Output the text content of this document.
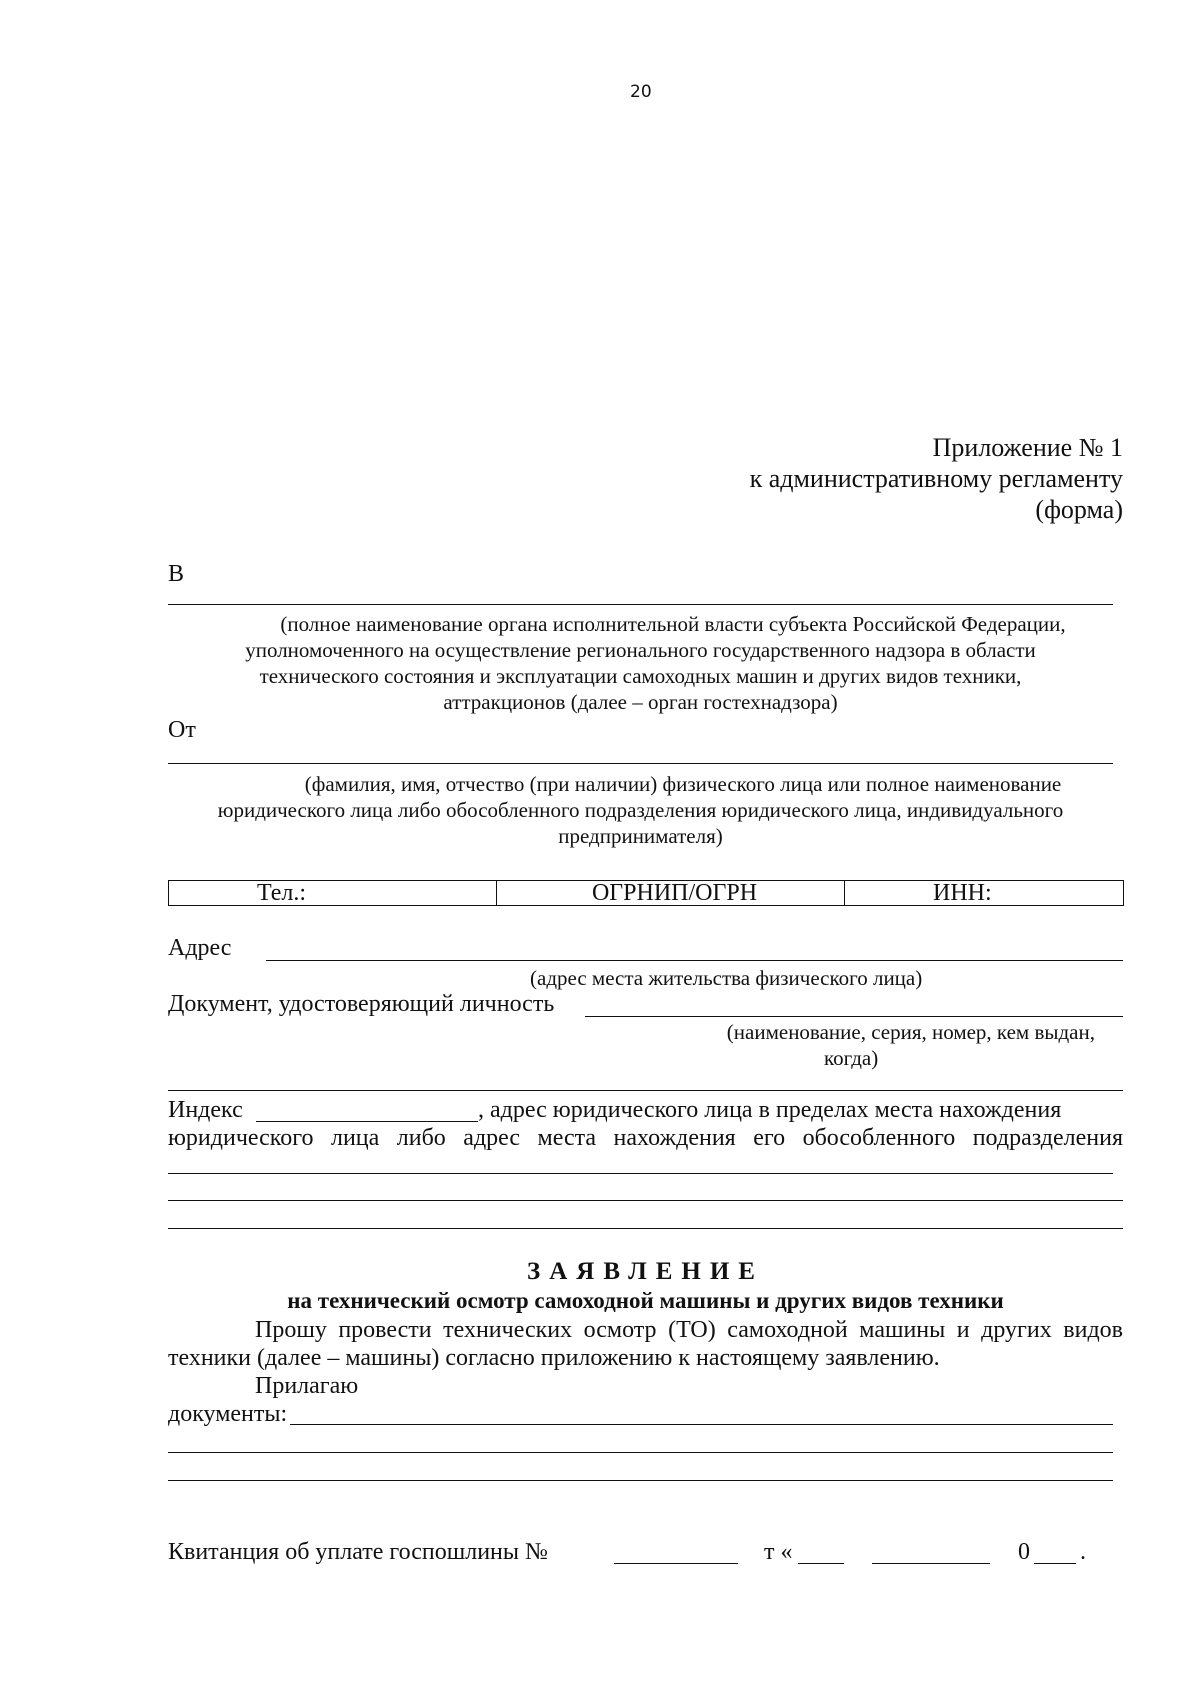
20
Приложение № 1
к административному регламенту
(форма)
В
(полное наименование органа исполнительной власти субъекта Российской Федерации,
уполномоченного на осуществление регионального государственного надзора в области
технического состояния и эксплуатации самоходных машин и других видов техники,
аттракционов (далее – орган гостехнадзора)
От
(фамилия, имя, отчество (при наличии) физического лица или полное наименование
юридического лица либо обособленного подразделения юридического лица, индивидуального
предпринимателя)
Тел.:	ОГРНИП/ОГРН	ИНН:
Адрес
(адрес места жительства физического лица)
Документ, удостоверяющий личность
(наименование, серия, номер, кем выдан,
когда)
Индекс	, адрес юридического лица в пределах места нахождения
юридического лица либо адрес места нахождения его обособленного подразделения
ЗАЯВЛЕНИЕ
на технический осмотр самоходной машины и других видов техники
Прошу провести технических осмотр (ТО) самоходной машины и других видов
техники (далее – машины) согласно приложению к настоящему заявлению.
Прилагаю
документы:
Квитанция об уплате госпошлины №	т «	0 .
